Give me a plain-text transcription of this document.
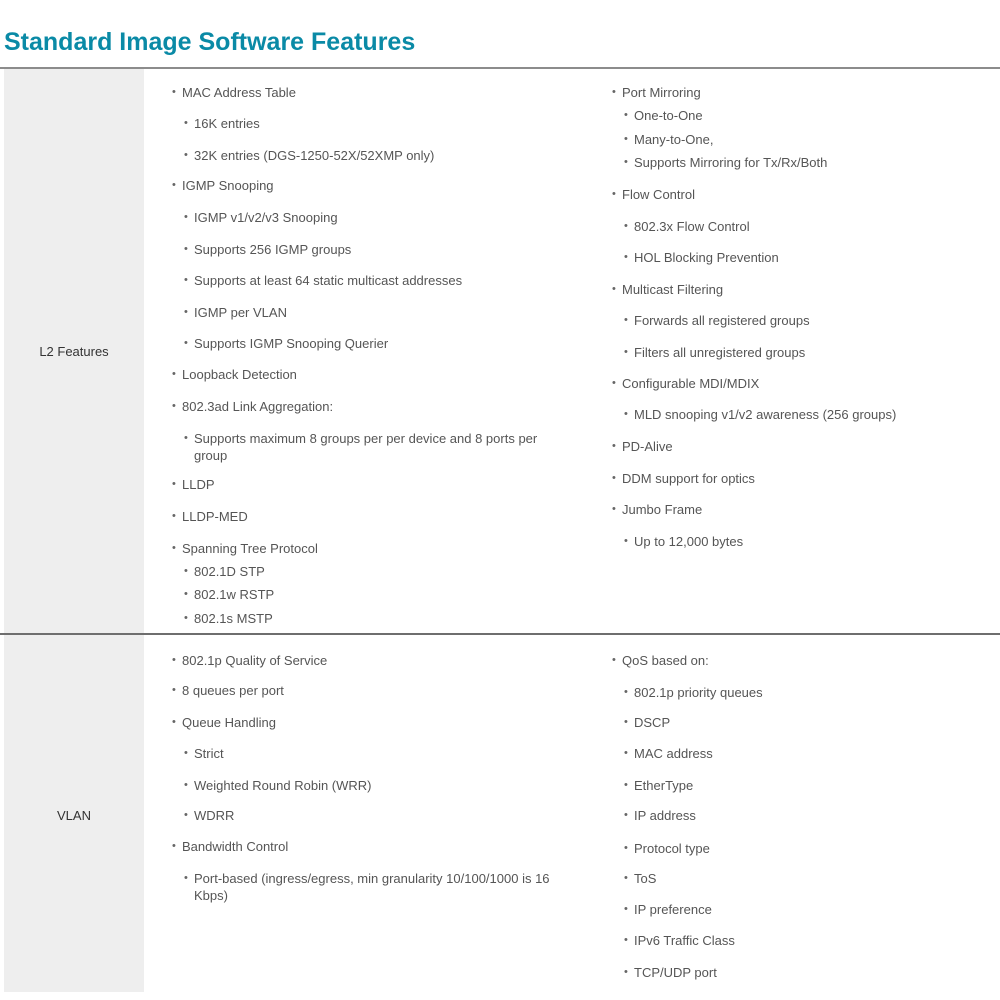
Standard Image Software Features
L2 Features
VLAN
• MAC Address Table
• 16K entries
• 32K entries (DGS-1250-52X/52XMP only)
• IGMP Snooping
• IGMP v1/v2/v3 Snooping
• Supports 256 IGMP groups
• Supports at least 64 static multicast addresses
• IGMP per VLAN
• Supports IGMP Snooping Querier
• Loopback Detection
• 802.3ad Link Aggregation:
• Supports maximum 8 groups per per device and 8 ports per group
• LLDP
• LLDP-MED
• Spanning Tree Protocol
• 802.1D STP
• 802.1w RSTP
• 802.1s MSTP
• Port Mirroring
• One-to-One
• Many-to-One,
• Supports Mirroring for Tx/Rx/Both
• Flow Control
• 802.3x Flow Control
• HOL Blocking Prevention
• Multicast Filtering
• Forwards all registered groups
• Filters all unregistered groups
• Configurable MDI/MDIX
• MLD snooping v1/v2 awareness (256 groups)
• PD-Alive
• DDM support for optics
• Jumbo Frame
• Up to 12,000 bytes
• 802.1p Quality of Service
• 8 queues per port
• Queue Handling
• Strict
• Weighted Round Robin (WRR)
• WDRR
• Bandwidth Control
• Port-based (ingress/egress, min granularity 10/100/1000 is 16 Kbps)
• QoS based on:
• 802.1p priority queues
• DSCP
• MAC address
• EtherType
• IP address
• Protocol type
• ToS
• IP preference
• IPv6 Traffic Class
• TCP/UDP port
